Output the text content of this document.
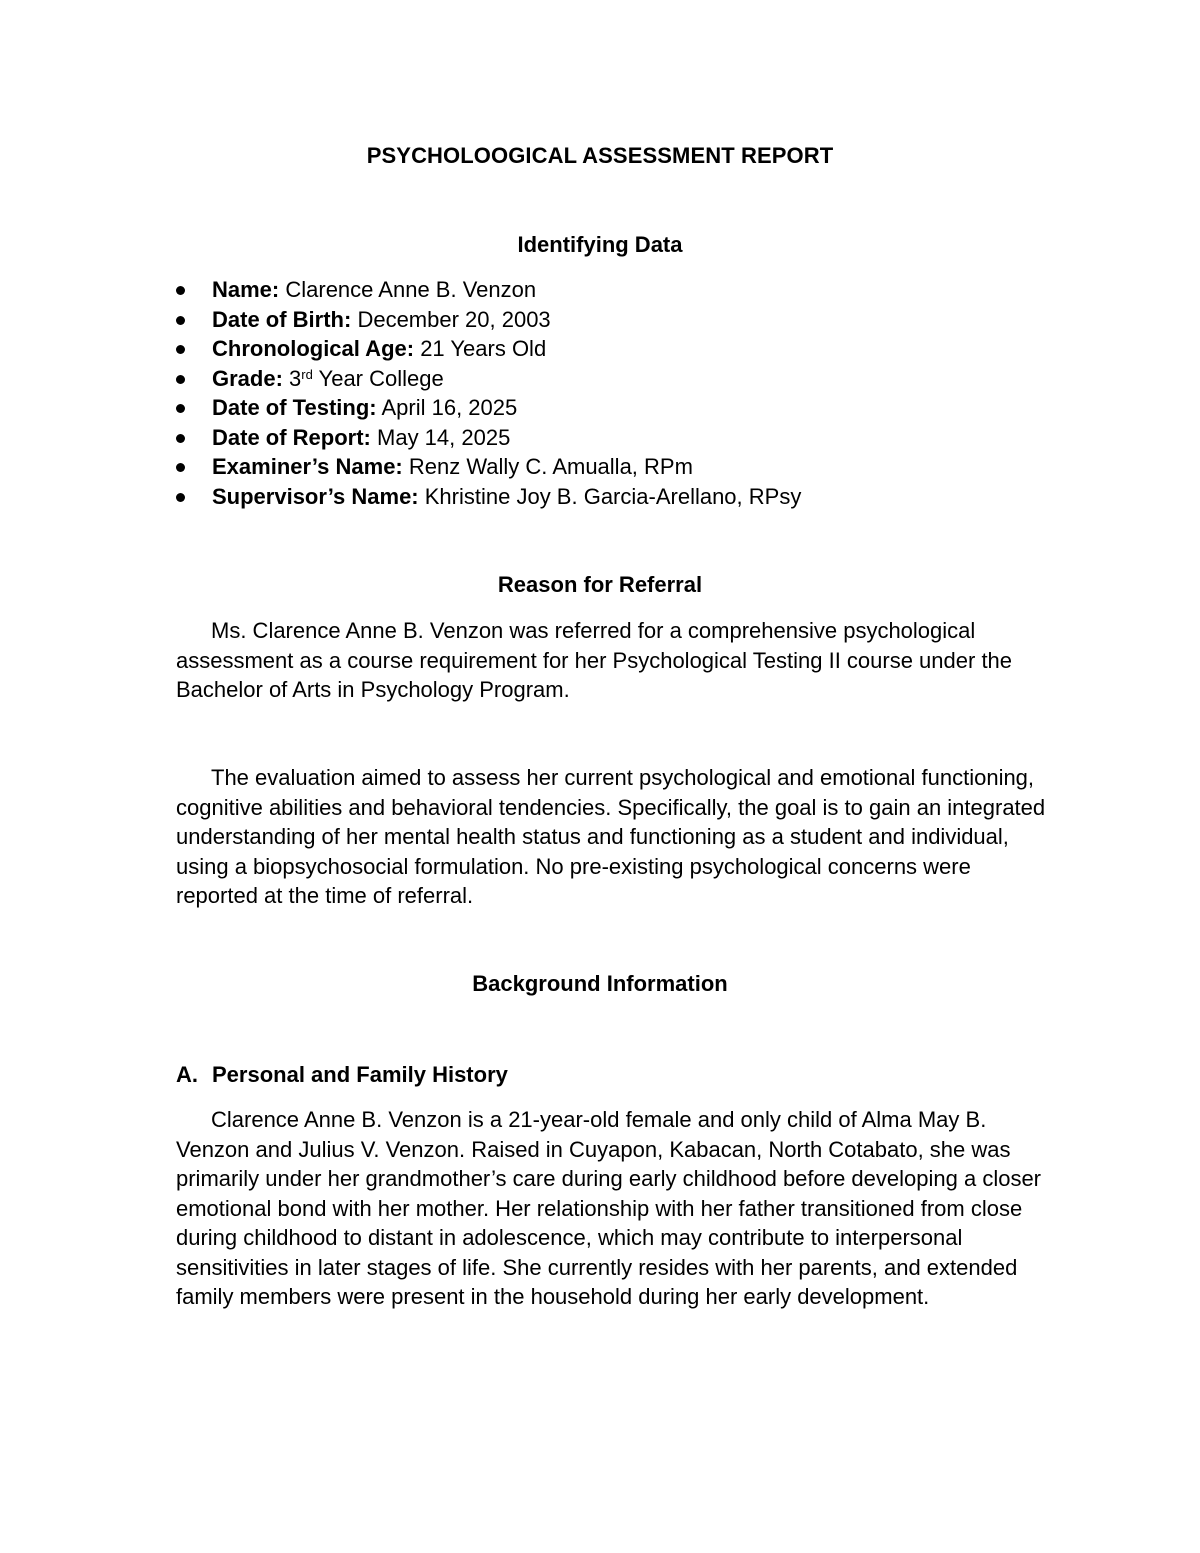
PSYCHOLOOGICAL ASSESSMENT REPORT
Identifying Data
Name: Clarence Anne B. Venzon
Date of Birth: December 20, 2003
Chronological Age: 21 Years Old
Grade: 3rd Year College
Date of Testing: April 16, 2025
Date of Report: May 14, 2025
Examiner’s Name: Renz Wally C. Amualla, RPm
Supervisor’s Name: Khristine Joy B. Garcia-Arellano, RPsy
Reason for Referral

Ms. Clarence Anne B. Venzon was referred for a comprehensive psychological assessment as a course requirement for her Psychological Testing II course under the Bachelor of Arts in Psychology Program.

The evaluation aimed to assess her current psychological and emotional functioning, cognitive abilities and behavioral tendencies. Specifically, the goal is to gain an integrated understanding of her mental health status and functioning as a student and individual, using a biopsychosocial formulation. No pre-existing psychological concerns were reported at the time of referral.

Background Information
A. Personal and Family History

Clarence Anne B. Venzon is a 21-year-old female and only child of Alma May B. Venzon and Julius V. Venzon. Raised in Cuyapon, Kabacan, North Cotabato, she was primarily under her grandmother’s care during early childhood before developing a closer emotional bond with her mother. Her relationship with her father transitioned from close during childhood to distant in adolescence, which may contribute to interpersonal sensitivities in later stages of life. She currently resides with her parents, and extended family members were present in the household during her early development.
